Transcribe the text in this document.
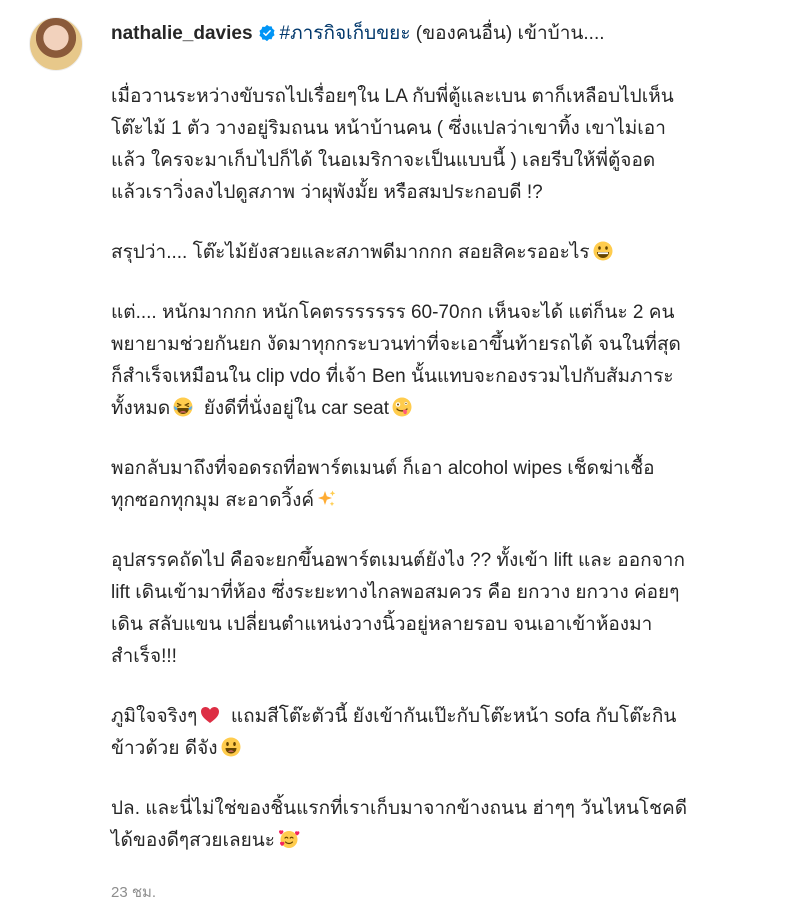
nathalie_davies #ภารกิจเก็บขยะ (ของคนอื่น) เข้าบ้าน....
เมื่อวานระหว่างขับรถไปเรื่อยๆใน LA กับพี่ตู้และเบน ตาก็เหลือบไปเห็น
โต๊ะไม้ 1 ตัว วางอยู่ริมถนน หน้าบ้านคน ( ซึ่งแปลว่าเขาทิ้ง เขาไม่เอา
แล้ว ใครจะมาเก็บไปก็ได้ ในอเมริกาจะเป็นแบบนี้ ) เลยรีบให้พี่ตู้จอด
แล้วเราวิ่งลงไปดูสภาพ ว่าผุพังมั้ย หรือสมประกอบดี !?
สรุปว่า.... โต๊ะไม้ยังสวยและสภาพดีมากกก สอยสิคะรออะไร
แต่.... หนักมากกก หนักโคตรรรรรรร 60-70กก เห็นจะได้ แต่ก็นะ 2 คน
พยายามช่วยกันยก งัดมาทุกกระบวนท่าที่จะเอาขึ้นท้ายรถได้ จนในที่สุด
ก็สำเร็จเหมือนใน clip vdo ที่เจ้า Ben นั้นแทบจะกองรวมไปกับสัมภาระ
ทั้งหมด ยังดีที่นั่งอยู่ใน car seat
พอกลับมาถึงที่จอดรถที่อพาร์ตเมนต์ ก็เอา alcohol wipes เช็ดฆ่าเชื้อ
ทุกซอกทุกมุม สะอาดวิ้งค์
อุปสรรคถัดไป คือจะยกขึ้นอพาร์ตเมนต์ยังไง ?? ทั้งเข้า lift และ ออกจาก
lift เดินเข้ามาที่ห้อง ซึ่งระยะทางไกลพอสมควร คือ ยกวาง ยกวาง ค่อยๆ
เดิน สลับแขน เปลี่ยนตำแหน่งวางนิ้วอยู่หลายรอบ จนเอาเข้าห้องมา
สำเร็จ!!!
ภูมิใจจริงๆ แถมสีโต๊ะตัวนี้ ยังเข้ากันเป๊ะกับโต๊ะหน้า sofa กับโต๊ะกิน
ข้าวด้วย ดีจัง
ปล. และนี่ไม่ใช่ของชิ้นแรกที่เราเก็บมาจากข้างถนน ฮ่าๆๆ วันไหนโชคดี
ได้ของดีๆสวยเลยนะ
23 ชม.
